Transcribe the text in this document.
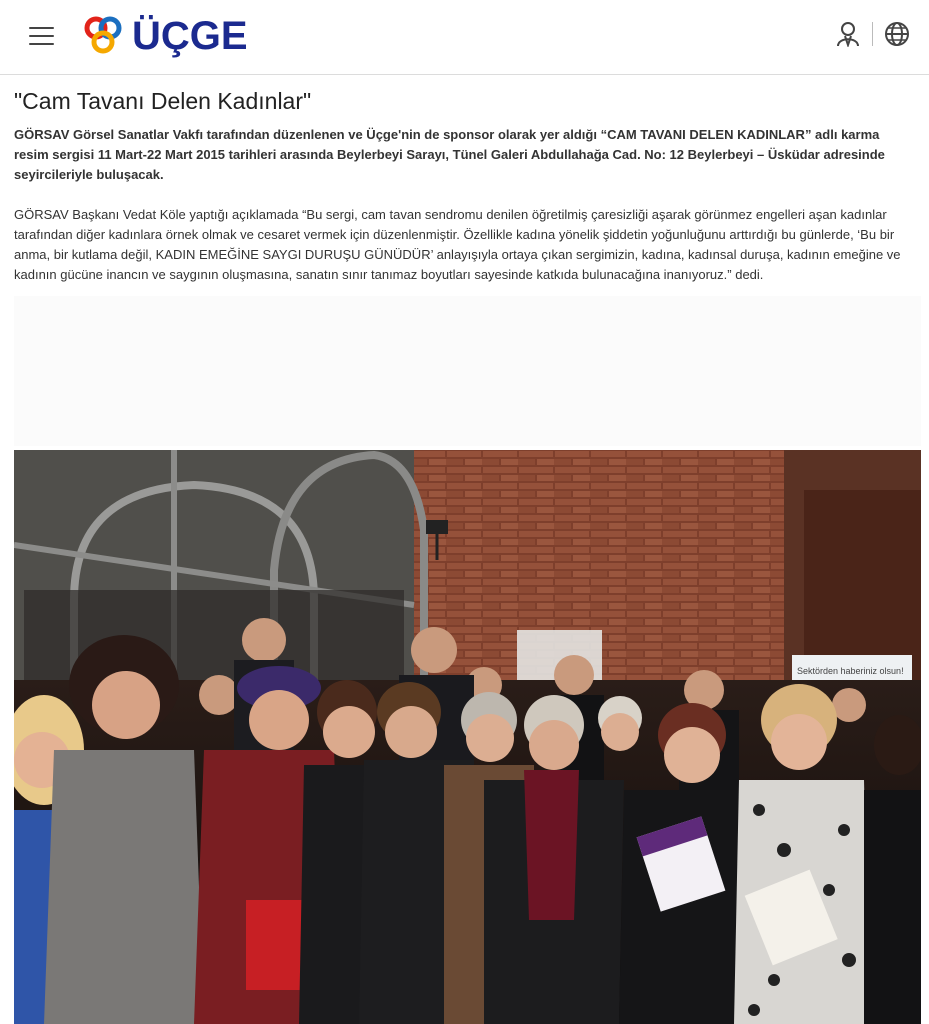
ÜÇGE
"Cam Tavanı Delen Kadınlar"

GÖRSAV Görsel Sanatlar Vakfı tarafından düzenlenen ve Üçge'nin de sponsor olarak yer aldığı “CAM TAVANI DELEN KADINLAR” adlı karma resim sergisi 11 Mart-22 Mart 2015 tarihleri arasında Beylerbeyi Sarayı, Tünel Galeri Abdullahağa Cad. No: 12 Beylerbeyi – Üsküdar adresinde seyircileriyle buluşacak.

GÖRSAV Başkanı Vedat Köle yaptığı açıklamada “Bu sergi, cam tavan sendromu denilen öğretilmiş çaresizliği aşarak görünmez engelleri aşan kadınlar tarafından diğer kadınlara örnek olmak ve cesaret vermek için düzenlenmiştir. Özellikle kadına yönelik şiddetin yoğunluğunu arttırdığı bu günlerde, ‘Bu bir anma, bir kutlama değil, KADIN EMEĞİNE SAYGI DURUŞU GÜNÜDÜR’ anlayışıyla ortaya çıkan sergimizin, kadına, kadınsal duruşa, kadının emeğine ve kadının gücüne inancın ve saygının oluşmasına, sanatın sınır tanımaz boyutları sayesinde katkıda bulunacağına inanıyoruz.” dedi.

Sektörden haberiniz olsun!
